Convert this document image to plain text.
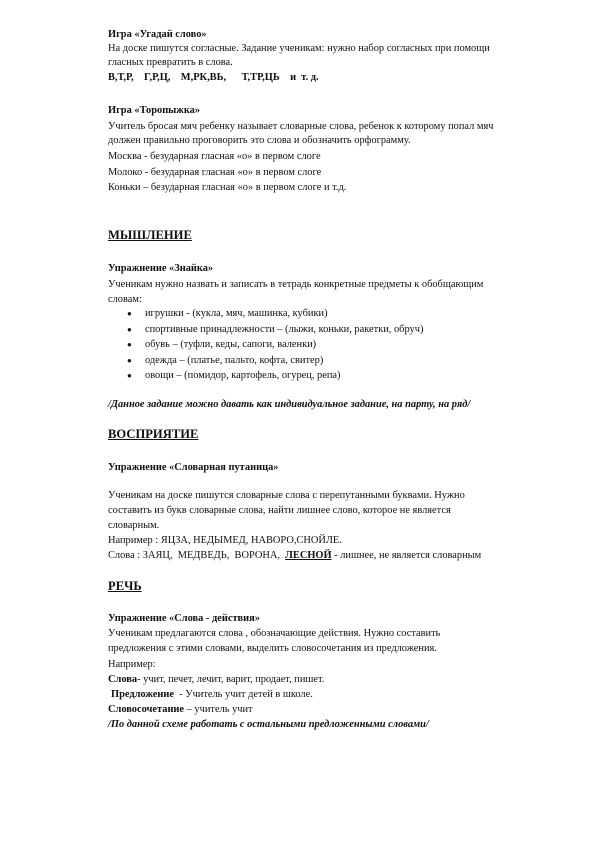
Игра «Угадай слово»
На доске пишутся согласные. Задание ученикам: нужно набор согласных при помощи
гласных превратить в слова.
В,Т,Р,    Г,Р,Ц,    М,РК,ВЬ,      Т,ТР,ЦЬ    и  т. д.
Игра «Торопыжка»
Учитель бросая мяч ребенку называет словарные слова, ребенок к которому попал мяч
должен правильно проговорить это слова и обозначить орфограмму.
Москва - безударная гласная «о» в первом слоге
Молоко - безударная гласная «о» в первом слоге
Коньки – безударная гласная «о» в первом слоге и т.д.
МЫШЛЕНИЕ
Упражнение «Знайка»
Ученикам нужно назвать и записать в тетрадь конкретные предметы к обобщающим
словам:
● игрушки - (кукла, мяч, машинка, кубики)
● спортивные принадлежности – (лыжи, коньки, ракетки, обруч)
● обувь – (туфли, кеды, сапоги, валенки)
● одежда – (платье, пальто, кофта, свитер)
● овощи – (помидор, картофель, огурец, репа)
/Данное задание можно давать как индивидуальное задание, на парту, на ряд/
ВОСПРИЯТИЕ
Упражнение «Словарная путаница»
Ученикам на доске пишутся словарные слова с перепутанными буквами. Нужно
составить из букв словарные слова, найти лишнее слово, которое не является
словарным.
Например : ЯЦЗА, НЕДЫМЕД, НАВОРО,СНОЙЛЕ.
Слова : ЗАЯЦ,  МЕДВЕДЬ,  ВОРОНА,  ЛЕСНОЙ - лишнее, не является словарным
РЕЧЬ
Упражнение «Слова - действия»
Ученикам предлагаются слова , обозначающие действия. Нужно составить
предложения с этими словами, выделить словосочетания из предложения.
Например:
Слова- учит, печет, лечит, варит, продает, пишет.
Предложение  - Учитель учит детей в школе.
Словосочетание – учитель учит
/По данной схеме работать с остальными предложенными словами/
